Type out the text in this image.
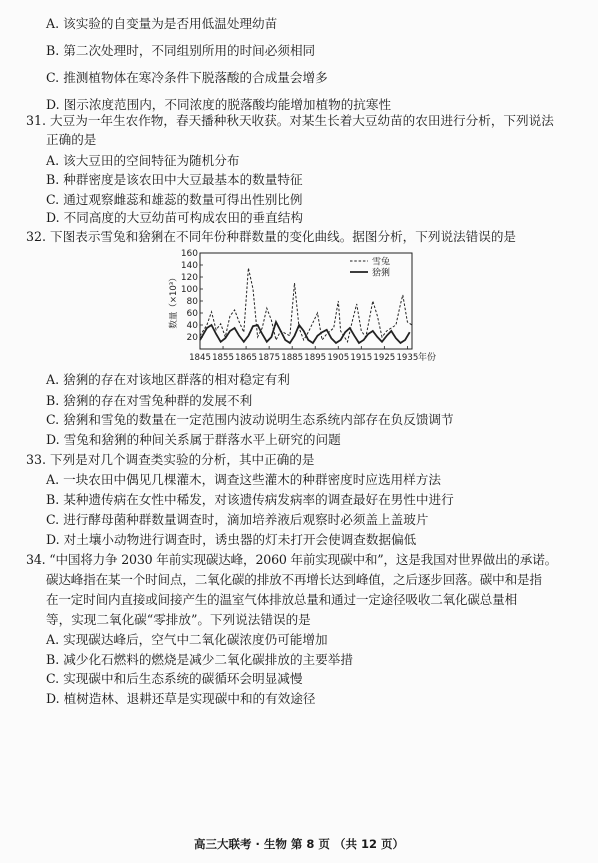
A. 该实验的自变量为是否用低温处理幼苗
B. 第二次处理时，不同组别所用的时间必须相同
C. 推测植物体在寒冷条件下脱落酸的合成量会增多
D. 图示浓度范围内，不同浓度的脱落酸均能增加植物的抗寒性
31. 大豆为一年生农作物，春天播种秋天收获。对某生长着大豆幼苗的农田进行分析，下列说法
正确的是
A. 该大豆田的空间特征为随机分布
B. 种群密度是该农田中大豆最基本的数量特征
C. 通过观察雌蕊和雄蕊的数量可得出性别比例
D. 不同高度的大豆幼苗可构成农田的垂直结构
32. 下图表示雪兔和猞猁在不同年份种群数量的变化曲线。据图分析，下列说法错误的是
20
40
60
80
100
120
140
160
1845 1855 1865 1875 1885 1895 1905 1915 1925 1935 年份
数量（×10³）
雪兔
猞猁
A. 猞猁的存在对该地区群落的相对稳定有利
B. 猞猁的存在对雪兔种群的发展不利
C. 猞猁和雪兔的数量在一定范围内波动说明生态系统内部存在负反馈调节
D. 雪兔和猞猁的种间关系属于群落水平上研究的问题
33. 下列是对几个调查类实验的分析，其中正确的是
A. 一块农田中偶见几棵灌木，调查这些灌木的种群密度时应选用样方法
B. 某种遗传病在女性中稀发，对该遗传病发病率的调查最好在男性中进行
C. 进行酵母菌种群数量调查时，滴加培养液后观察时必须盖上盖玻片
D. 对土壤小动物进行调查时，诱虫器的灯未打开会使调查数据偏低
34. “中国将力争 2030 年前实现碳达峰，2060 年前实现碳中和”，这是我国对世界做出的承诺。
碳达峰指在某一个时间点，二氧化碳的排放不再增长达到峰值，之后逐步回落。碳中和是指
在一定时间内直接或间接产生的温室气体排放总量和通过一定途径吸收二氧化碳总量相
等，实现二氧化碳“零排放”。下列说法错误的是
A. 实现碳达峰后，空气中二氧化碳浓度仍可能增加
B. 减少化石燃料的燃烧是减少二氧化碳排放的主要举措
C. 实现碳中和后生态系统的碳循环会明显减慢
D. 植树造林、退耕还草是实现碳中和的有效途径
高三大联考 · 生物 第 8 页 （共 12 页）
